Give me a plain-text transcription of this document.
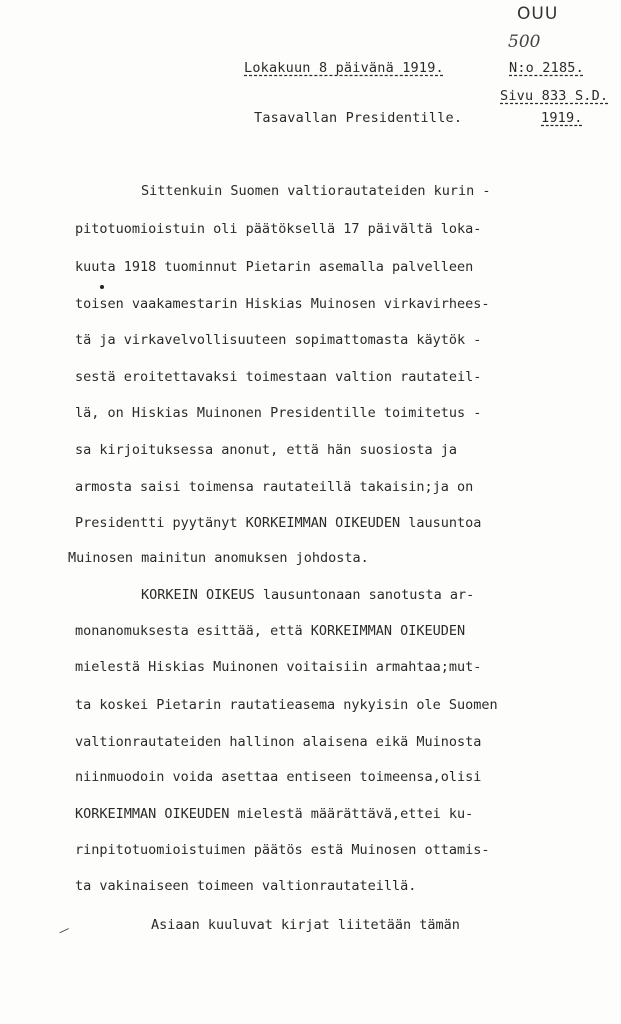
OUU
500
Lokakuun 8 päivänä 1919.	N:o 2185.
Sivu 833 S.D.
Tasavallan Presidentille.	1919.
Sittenkuin Suomen valtiorautateiden kurin -
pitotuomioistuin oli päätöksellä 17 päivältä loka-
kuuta 1918 tuominnut Pietarin asemalla palvelleen
toisen vaakamestarin Hiskias Muinosen virkavirhees-
tä ja virkavelvollisuuteen sopimattomasta käytök -
sestä eroitettavaksi toimestaan valtion rautateil-
lä, on Hiskias Muinonen Presidentille toimitetus -
sa kirjoituksessa anonut, että hän suosiosta ja
armosta saisi toimensa rautateillä takaisin;ja on
Presidentti pyytänyt KORKEIMMAN OIKEUDEN lausuntoa
Muinosen mainitun anomuksen johdosta.
KORKEIN OIKEUS lausuntonaan sanotusta ar-
monanomuksesta esittää, että KORKEIMMAN OIKEUDEN
mielestä Hiskias Muinonen voitaisiin armahtaa;mut-
ta koskei Pietarin rautatieasema nykyisin ole Suomen
valtionrautateiden hallinon alaisena eikä Muinosta
niinmuodoin voida asettaa entiseen toimeensa,olisi
KORKEIMMAN OIKEUDEN mielestä määrättävä,ettei ku-
rinpitotuomioistuimen päätös estä Muinosen ottamis-
ta vakinaiseen toimeen valtionrautateillä.
Asiaan kuuluvat kirjat liitetään tämän
